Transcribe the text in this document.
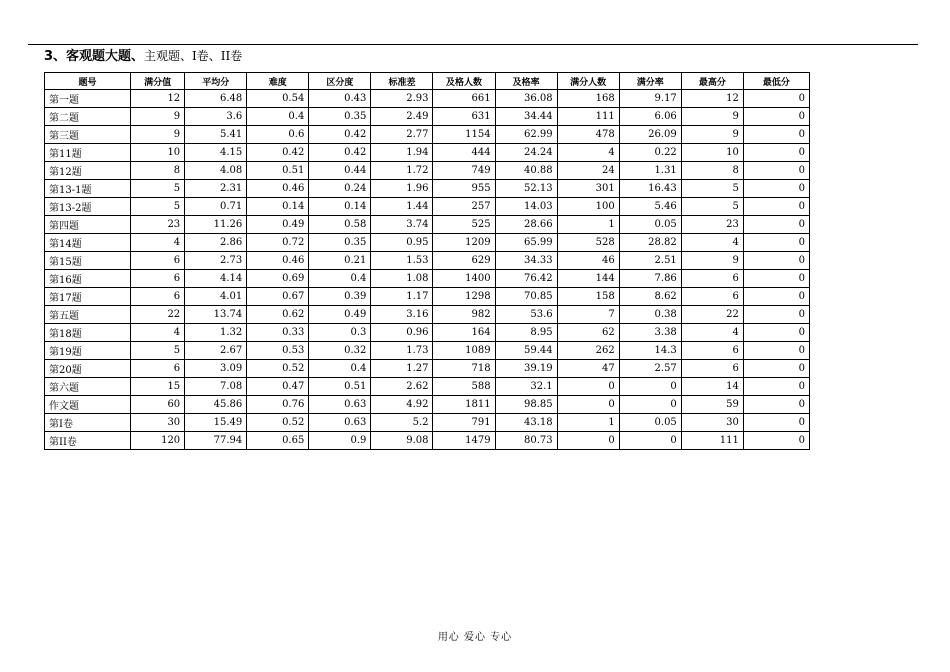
3、客观题大题、主观题、I卷、II卷
题号	满分值	平均分	难度	区分度	标准差	及格人数	及格率	满分人数	满分率	最高分	最低分
第一题	12	6.48	0.54	0.43	2.93	661	36.08	168	9.17	12	0
第二题	9	3.6	0.4	0.35	2.49	631	34.44	111	6.06	9	0
第三题	9	5.41	0.6	0.42	2.77	1154	62.99	478	26.09	9	0
第11题	10	4.15	0.42	0.42	1.94	444	24.24	4	0.22	10	0
第12题	8	4.08	0.51	0.44	1.72	749	40.88	24	1.31	8	0
第13-1题	5	2.31	0.46	0.24	1.96	955	52.13	301	16.43	5	0
第13-2题	5	0.71	0.14	0.14	1.44	257	14.03	100	5.46	5	0
第四题	23	11.26	0.49	0.58	3.74	525	28.66	1	0.05	23	0
第14题	4	2.86	0.72	0.35	0.95	1209	65.99	528	28.82	4	0
第15题	6	2.73	0.46	0.21	1.53	629	34.33	46	2.51	9	0
第16题	6	4.14	0.69	0.4	1.08	1400	76.42	144	7.86	6	0
第17题	6	4.01	0.67	0.39	1.17	1298	70.85	158	8.62	6	0
第五题	22	13.74	0.62	0.49	3.16	982	53.6	7	0.38	22	0
第18题	4	1.32	0.33	0.3	0.96	164	8.95	62	3.38	4	0
第19题	5	2.67	0.53	0.32	1.73	1089	59.44	262	14.3	6	0
第20题	6	3.09	0.52	0.4	1.27	718	39.19	47	2.57	6	0
第六题	15	7.08	0.47	0.51	2.62	588	32.1	0	0	14	0
作文题	60	45.86	0.76	0.63	4.92	1811	98.85	0	0	59	0
第I卷	30	15.49	0.52	0.63	5.2	791	43.18	1	0.05	30	0
第II卷	120	77.94	0.65	0.9	9.08	1479	80.73	0	0	111	0
用心 爱心 专心
